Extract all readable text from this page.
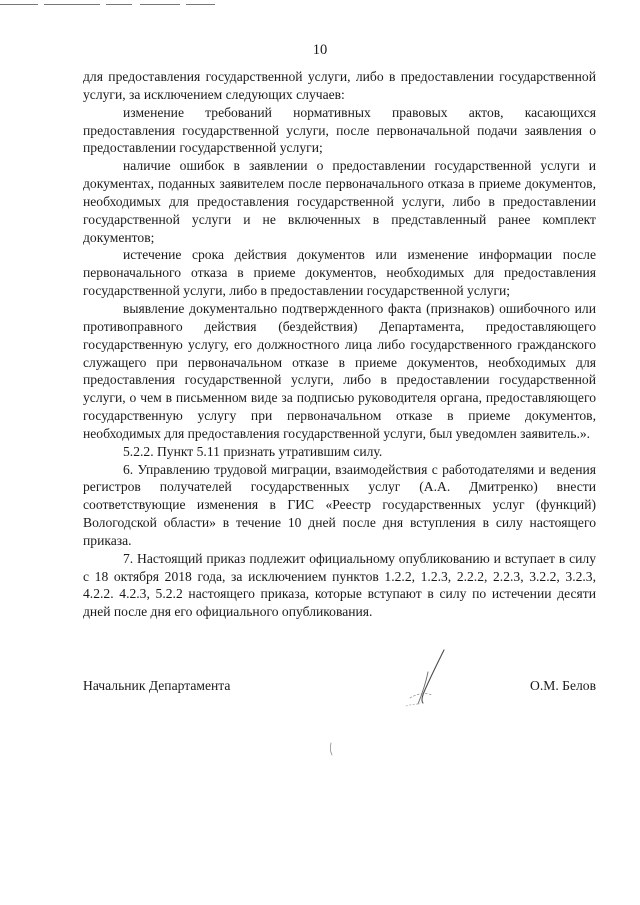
10

для предоставления государственной услуги, либо в предоставлении государственной услуги, за исключением следующих случаев:

изменение требований нормативных правовых актов, касающихся предоставления государственной услуги, после первоначальной подачи заявления о предоставлении государственной услуги;

наличие ошибок в заявлении о предоставлении государственной услуги и документах, поданных заявителем после первоначального отказа в приеме документов, необходимых для предоставления государственной услуги, либо в предоставлении государственной услуги и не включенных в представленный ранее комплект документов;

истечение срока действия документов или изменение информации после первоначального отказа в приеме документов, необходимых для предоставления государственной услуги, либо в предоставлении государственной услуги;

выявление документально подтвержденного факта (признаков) ошибочного или противоправного действия (бездействия) Департамента, предоставляющего государственную услугу, его должностного лица либо государственного гражданского служащего при первоначальном отказе в приеме документов, необходимых для предоставления государственной услуги, либо в предоставлении государственной услуги, о чем в письменном виде за подписью руководителя органа, предоставляющего государственную услугу при первоначальном отказе в приеме документов, необходимых для предоставления государственной услуги, был уведомлен заявитель.».

5.2.2. Пункт 5.11 признать утратившим силу.

6. Управлению трудовой миграции, взаимодействия с работодателями и ведения регистров получателей государственных услуг (А.А. Дмитренко) внести соответствующие изменения в ГИС «Реестр государственных услуг (функций) Вологодской области» в течение 10 дней после дня вступления в силу настоящего приказа.

7. Настоящий приказ подлежит официальному опубликованию и вступает в силу с 18 октября 2018 года, за исключением пунктов 1.2.2, 1.2.3, 2.2.2, 2.2.3, 3.2.2, 3.2.3, 4.2.2. 4.2.3, 5.2.2 настоящего приказа, которые вступают в силу по истечении десяти дней после дня его официального опубликования.

Начальник Департамента	О.М. Белов
